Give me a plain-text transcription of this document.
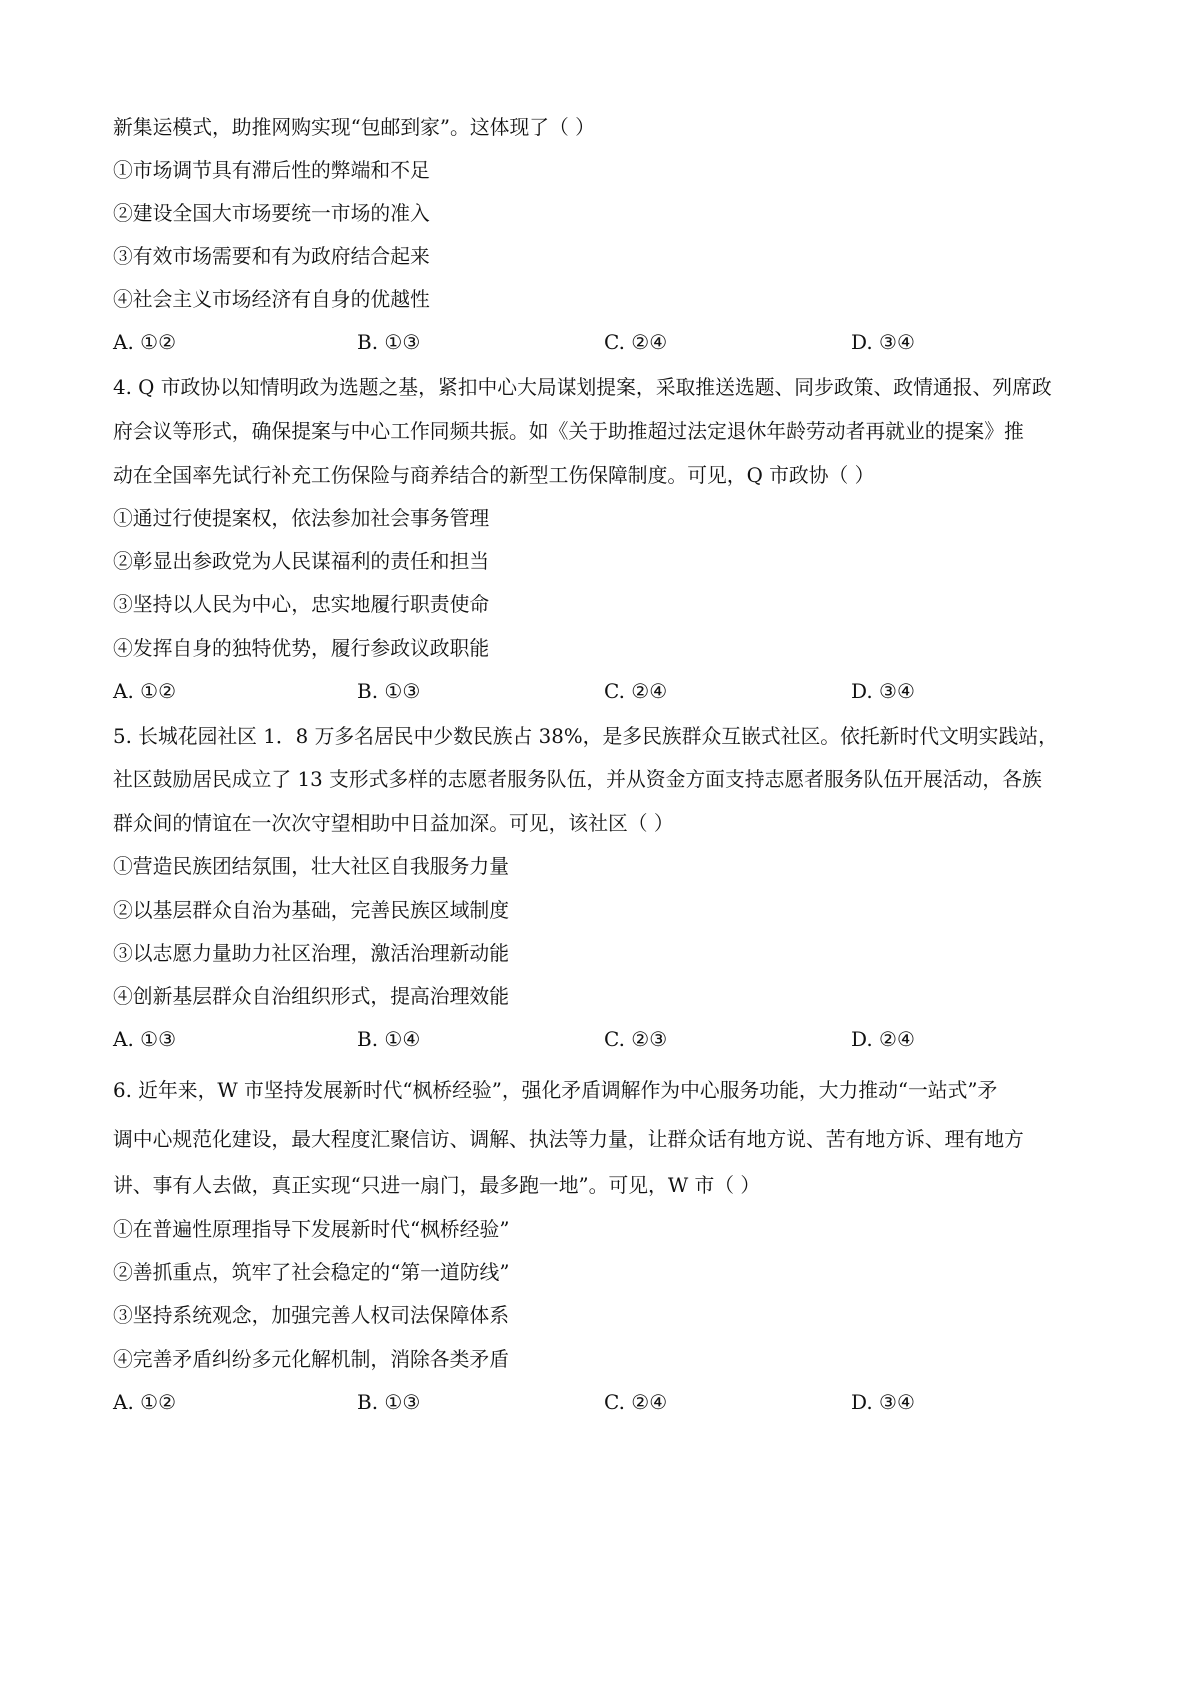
新集运模式，助推网购实现“包邮到家”。这体现了（ ）
①市场调节具有滞后性的弊端和不足
②建设全国大市场要统一市场的准入
③有效市场需要和有为政府结合起来
④社会主义市场经济有自身的优越性
A. ①②	B. ①③	C. ②④	D. ③④
4. Q 市政协以知情明政为选题之基，紧扣中心大局谋划提案，采取推送选题、同步政策、政情通报、列席政
府会议等形式，确保提案与中心工作同频共振。如《关于助推超过法定退休年龄劳动者再就业的提案》推
动在全国率先试行补充工伤保险与商养结合的新型工伤保障制度。可见，Q 市政协（ ）
①通过行使提案权，依法参加社会事务管理
②彰显出参政党为人民谋福利的责任和担当
③坚持以人民为中心，忠实地履行职责使命
④发挥自身的独特优势，履行参政议政职能
A. ①②	B. ①③	C. ②④	D. ③④
5. 长城花园社区 1．8 万多名居民中少数民族占 38%，是多民族群众互嵌式社区。依托新时代文明实践站，
社区鼓励居民成立了 13 支形式多样的志愿者服务队伍，并从资金方面支持志愿者服务队伍开展活动，各族
群众间的情谊在一次次守望相助中日益加深。可见，该社区（ ）
①营造民族团结氛围，壮大社区自我服务力量
②以基层群众自治为基础，完善民族区域制度
③以志愿力量助力社区治理，激活治理新动能
④创新基层群众自治组织形式，提高治理效能
A. ①③	B. ①④	C. ②③	D. ②④
6. 近年来，W 市坚持发展新时代“枫桥经验”，强化矛盾调解作为中心服务功能，大力推动“一站式”矛
调中心规范化建设，最大程度汇聚信访、调解、执法等力量，让群众话有地方说、苦有地方诉、理有地方
讲、事有人去做，真正实现“只进一扇门，最多跑一地”。可见，W 市（ ）
①在普遍性原理指导下发展新时代“枫桥经验”
②善抓重点，筑牢了社会稳定的“第一道防线”
③坚持系统观念，加强完善人权司法保障体系
④完善矛盾纠纷多元化解机制，消除各类矛盾
A. ①②	B. ①③	C. ②④	D. ③④
